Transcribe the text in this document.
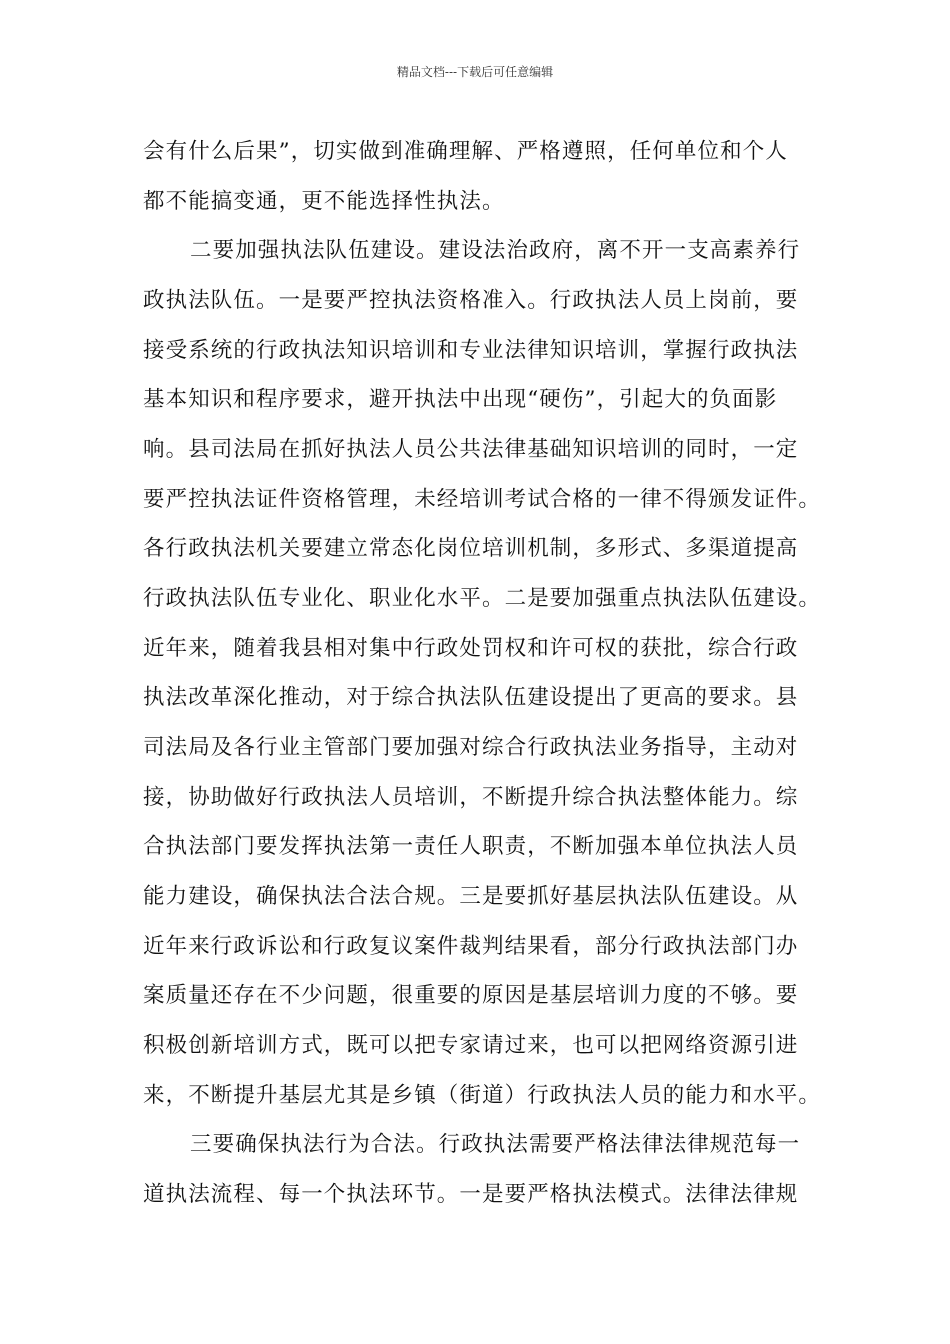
精品文档---下载后可任意编辑
会有什么后果”，切实做到准确理解、严格遵照，任何单位和个人
都不能搞变通，更不能选择性执法。
二要加强执法队伍建设。建设法治政府，离不开一支高素养行
政执法队伍。一是要严控执法资格准入。行政执法人员上岗前，要
接受系统的行政执法知识培训和专业法律知识培训，掌握行政执法
基本知识和程序要求，避开执法中出现“硬伤”，引起大的负面影
响。县司法局在抓好执法人员公共法律基础知识培训的同时，一定
要严控执法证件资格管理，未经培训考试合格的一律不得颁发证件。
各行政执法机关要建立常态化岗位培训机制，多形式、多渠道提高
行政执法队伍专业化、职业化水平。二是要加强重点执法队伍建设。
近年来，随着我县相对集中行政处罚权和许可权的获批，综合行政
执法改革深化推动，对于综合执法队伍建设提出了更高的要求。县
司法局及各行业主管部门要加强对综合行政执法业务指导，主动对
接，协助做好行政执法人员培训，不断提升综合执法整体能力。综
合执法部门要发挥执法第一责任人职责，不断加强本单位执法人员
能力建设，确保执法合法合规。三是要抓好基层执法队伍建设。从
近年来行政诉讼和行政复议案件裁判结果看，部分行政执法部门办
案质量还存在不少问题，很重要的原因是基层培训力度的不够。要
积极创新培训方式，既可以把专家请过来，也可以把网络资源引进
来，不断提升基层尤其是乡镇（街道）行政执法人员的能力和水平。
三要确保执法行为合法。行政执法需要严格法律法律规范每一
道执法流程、每一个执法环节。一是要严格执法模式。法律法律规
